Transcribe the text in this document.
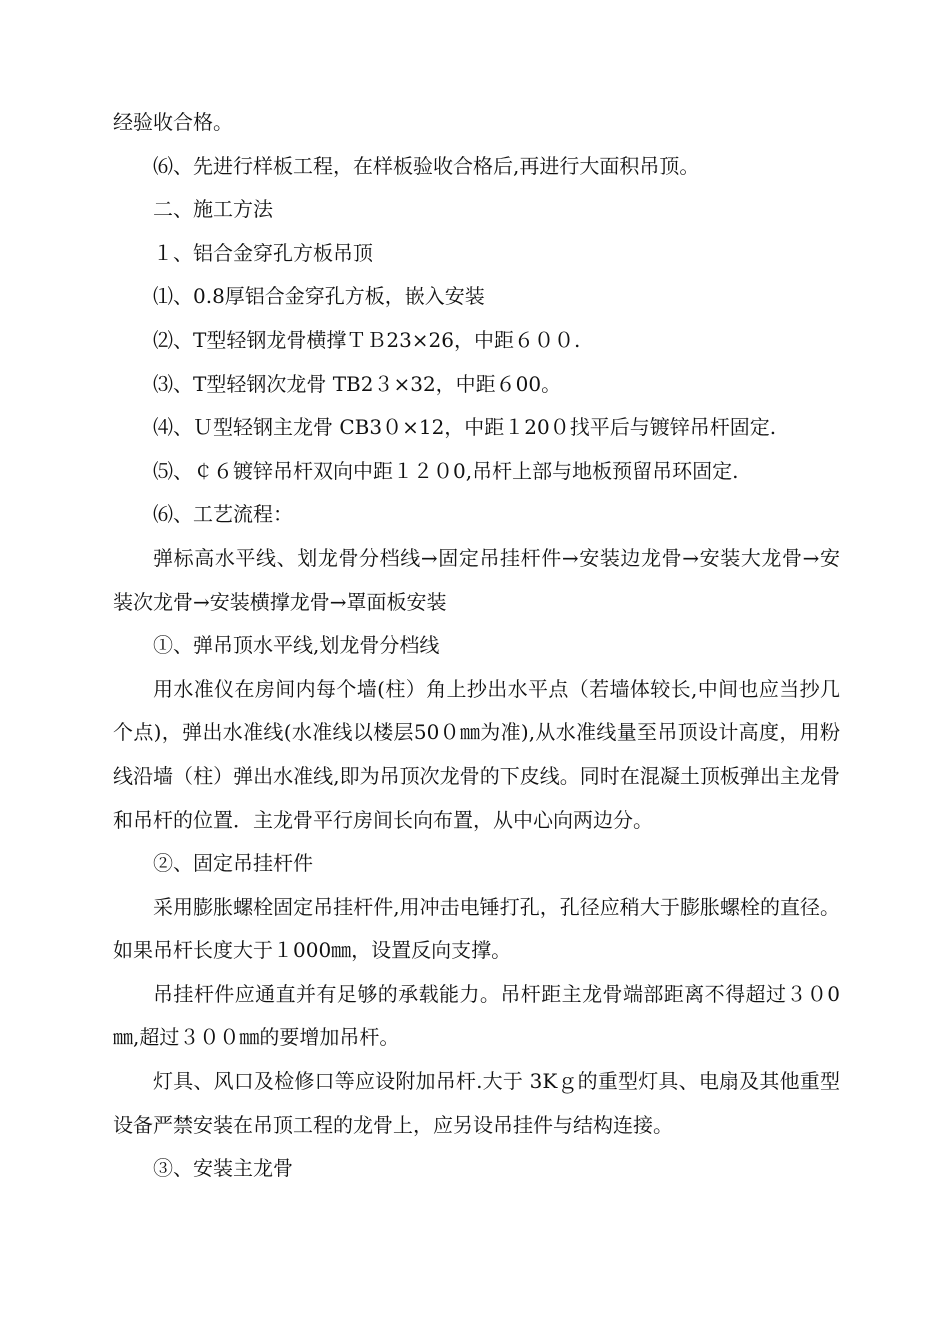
经验收合格。

⑹、先进行样板工程，在样板验收合格后,再进行大面积吊顶。

二、施工方法

１、铝合金穿孔方板吊顶

⑴、0.8厚铝合金穿孔方板，嵌入安装

⑵、T型轻钢龙骨横撑ＴＢ23×26，中距６００.

⑶、T型轻钢次龙骨 TB2３×32，中距６00。

⑷、Ｕ型轻钢主龙骨 CB3０×12，中距１20０找平后与镀锌吊杆固定.

⑸、￠６镀锌吊杆双向中距１２０0,吊杆上部与地板预留吊环固定.

⑹、工艺流程：

弹标高水平线、划龙骨分档线→固定吊挂杆件→安装边龙骨→安装大龙骨→安装次龙骨→安装横撑龙骨→罩面板安装

①、弹吊顶水平线,划龙骨分档线

用水准仪在房间内每个墙(柱）角上抄出水平点（若墙体较长,中间也应当抄几个点)，弹出水准线(水准线以楼层50０㎜为准),从水准线量至吊顶设计高度，用粉线沿墙（柱）弹出水准线,即为吊顶次龙骨的下皮线。同时在混凝土顶板弹出主龙骨和吊杆的位置．主龙骨平行房间长向布置，从中心向两边分。

②、固定吊挂杆件

采用膨胀螺栓固定吊挂杆件,用冲击电锤打孔，孔径应稍大于膨胀螺栓的直径。如果吊杆长度大于１000㎜，设置反向支撑。

吊挂杆件应通直并有足够的承载能力。吊杆距主龙骨端部距离不得超过３０0㎜,超过３００㎜的要增加吊杆。

灯具、风口及检修口等应设附加吊杆.大于 3Kｇ的重型灯具、电扇及其他重型设备严禁安装在吊顶工程的龙骨上，应另设吊挂件与结构连接。

③、安装主龙骨
